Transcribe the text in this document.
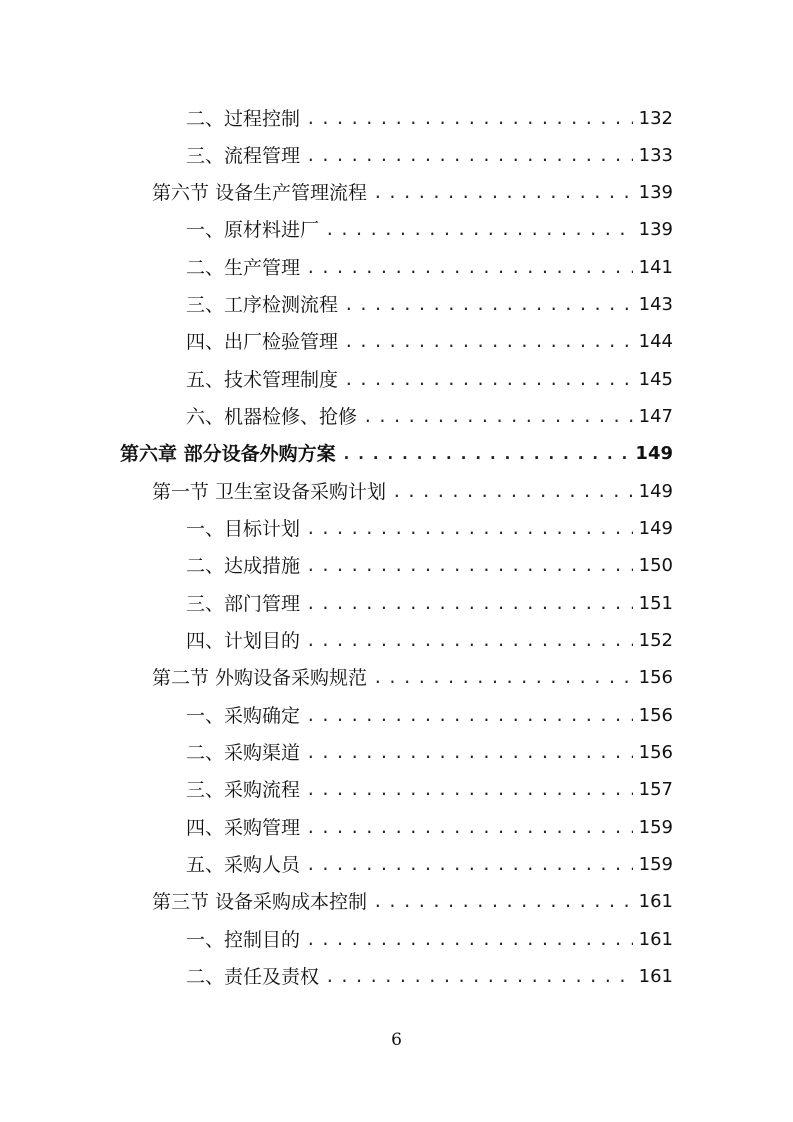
二、过程控制 .....	132
三、流程管理 .....	133
第六节 设备生产管理流程 .....	139
一、原材料进厂 .....	139
二、生产管理 .....	141
三、工序检测流程 .....	143
四、出厂检验管理 .....	144
五、技术管理制度 .....	145
六、机器检修、抢修 .....	147
第六章 部分设备外购方案 .....	149
第一节 卫生室设备采购计划 .....	149
一、目标计划 .....	149
二、达成措施 .....	150
三、部门管理 .....	151
四、计划目的 .....	152
第二节 外购设备采购规范 .....	156
一、采购确定 .....	156
二、采购渠道 .....	156
三、采购流程 .....	157
四、采购管理 .....	159
五、采购人员 .....	159
第三节 设备采购成本控制 .....	161
一、控制目的 .....	161
二、责任及责权 .....	161
6
